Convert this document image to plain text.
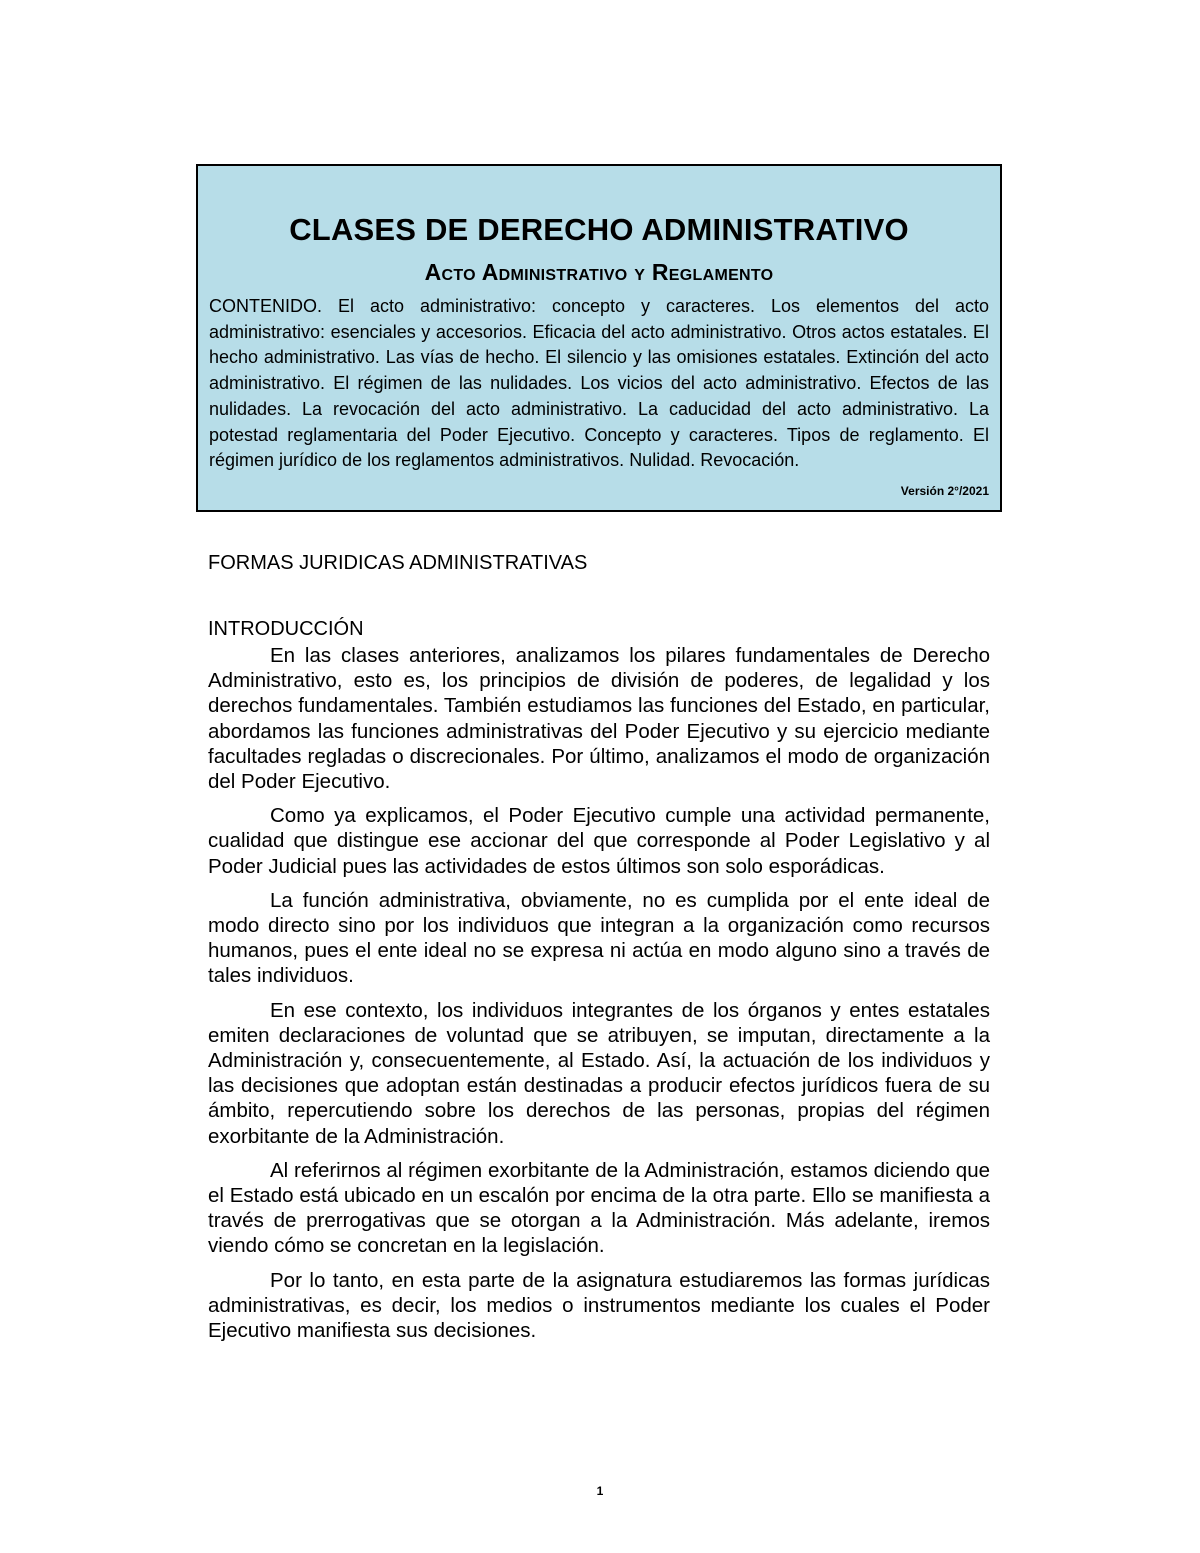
CLASES DE DERECHO ADMINISTRATIVO
Acto Administrativo y Reglamento

CONTENIDO. El acto administrativo: concepto y caracteres. Los elementos del acto administrativo: esenciales y accesorios. Eficacia del acto administrativo. Otros actos estatales. El hecho administrativo. Las vías de hecho. El silencio y las omisiones estatales. Extinción del acto administrativo. El régimen de las nulidades. Los vicios del acto administrativo. Efectos de las nulidades. La revocación del acto administrativo. La caducidad del acto administrativo. La potestad reglamentaria del Poder Ejecutivo. Concepto y caracteres. Tipos de reglamento. El régimen jurídico de los reglamentos administrativos. Nulidad. Revocación.

Versión 2°/2021
FORMAS JURIDICAS ADMINISTRATIVAS
INTRODUCCIÓN

En las clases anteriores, analizamos los pilares fundamentales de Derecho Administrativo, esto es, los principios de división de poderes, de legalidad y los derechos fundamentales. También estudiamos las funciones del Estado, en particular, abordamos las funciones administrativas del Poder Ejecutivo y su ejercicio mediante facultades regladas o discrecionales. Por último, analizamos el modo de organización del Poder Ejecutivo.

Como ya explicamos, el Poder Ejecutivo cumple una actividad permanente, cualidad que distingue ese accionar del que corresponde al Poder Legislativo y al Poder Judicial pues las actividades de estos últimos son solo esporádicas.

La función administrativa, obviamente, no es cumplida por el ente ideal de modo directo sino por los individuos que integran a la organización como recursos humanos, pues el ente ideal no se expresa ni actúa en modo alguno sino a través de tales individuos.

En ese contexto, los individuos integrantes de los órganos y entes estatales emiten declaraciones de voluntad que se atribuyen, se imputan, directamente a la Administración y, consecuentemente, al Estado. Así, la actuación de los individuos y las decisiones que adoptan están destinadas a producir efectos jurídicos fuera de su ámbito, repercutiendo sobre los derechos de las personas, propias del régimen exorbitante de la Administración.

Al referirnos al régimen exorbitante de la Administración, estamos diciendo que el Estado está ubicado en un escalón por encima de la otra parte. Ello se manifiesta a través de prerrogativas que se otorgan a la Administración. Más adelante, iremos viendo cómo se concretan en la legislación.

Por lo tanto, en esta parte de la asignatura estudiaremos las formas jurídicas administrativas, es decir, los medios o instrumentos mediante los cuales el Poder Ejecutivo manifiesta sus decisiones.

1
